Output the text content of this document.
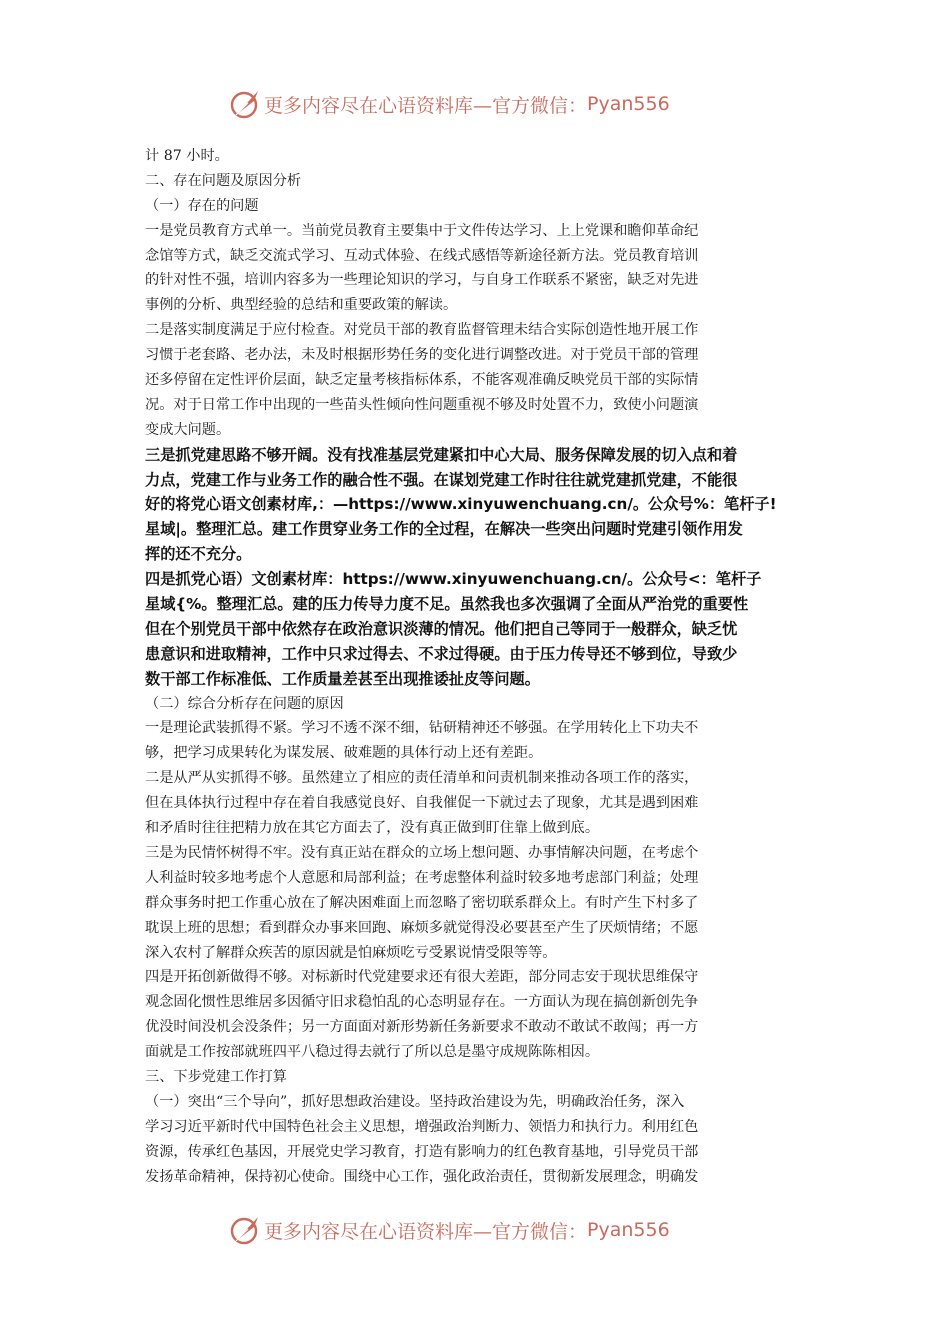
更多内容尽在心语资料库—官方微信： Pyan556
计 87 小时。
二、存在问题及原因分析
（一）存在的问题
一是党员教育方式单一。当前党员教育主要集中于文件传达学习、上上党课和瞻仰革命纪
念馆等方式，缺乏交流式学习、互动式体验、在线式感悟等新途径新方法。党员教育培训
的针对性不强，培训内容多为一些理论知识的学习，与自身工作联系不紧密，缺乏对先进
事例的分析、典型经验的总结和重要政策的解读。
二是落实制度满足于应付检查。对党员干部的教育监督管理未结合实际创造性地开展工作
习惯于老套路、老办法，未及时根据形势任务的变化进行调整改进。对于党员干部的管理
还多停留在定性评价层面，缺乏定量考核指标体系，不能客观准确反映党员干部的实际情
况。对于日常工作中出现的一些苗头性倾向性问题重视不够及时处置不力，致使小问题演
变成大问题。
三是抓党建思路不够开阔。没有找准基层党建紧扣中心大局、服务保障发展的切入点和着
力点，党建工作与业务工作的融合性不强。在谋划党建工作时往往就党建抓党建，不能很
好的将党心语文创素材库,：—https://www.xinyuwenchuang.cn/。公众号%：笔杆子!
星域|。整理汇总。建工作贯穿业务工作的全过程，在解决一些突出问题时党建引领作用发
挥的还不充分。
四是抓党心语）文创素材库：https://www.xinyuwenchuang.cn/。公众号<：笔杆子
星域{%。整理汇总。建的压力传导力度不足。虽然我也多次强调了全面从严治党的重要性
但在个别党员干部中依然存在政治意识淡薄的情况。他们把自己等同于一般群众，缺乏忧
患意识和进取精神，工作中只求过得去、不求过得硬。由于压力传导还不够到位，导致少
数干部工作标准低、工作质量差甚至出现推诿扯皮等问题。
（二）综合分析存在问题的原因
一是理论武装抓得不紧。学习不透不深不细，钻研精神还不够强。在学用转化上下功夫不
够，把学习成果转化为谋发展、破难题的具体行动上还有差距。
二是从严从实抓得不够。虽然建立了相应的责任清单和问责机制来推动各项工作的落实，
但在具体执行过程中存在着自我感觉良好、自我催促一下就过去了现象，尤其是遇到困难
和矛盾时往往把精力放在其它方面去了，没有真正做到盯住靠上做到底。
三是为民情怀树得不牢。没有真正站在群众的立场上想问题、办事情解决问题，在考虑个
人利益时较多地考虑个人意愿和局部利益；在考虑整体利益时较多地考虑部门利益；处理
群众事务时把工作重心放在了解决困难面上而忽略了密切联系群众上。有时产生下村多了
耽误上班的思想；看到群众办事来回跑、麻烦多就觉得没必要甚至产生了厌烦情绪；不愿
深入农村了解群众疾苦的原因就是怕麻烦吃亏受累说情受限等等。
四是开拓创新做得不够。对标新时代党建要求还有很大差距，部分同志安于现状思维保守
观念固化惯性思维居多因循守旧求稳怕乱的心态明显存在。一方面认为现在搞创新创先争
优没时间没机会没条件；另一方面面对新形势新任务新要求不敢动不敢试不敢闯；再一方
面就是工作按部就班四平八稳过得去就行了所以总是墨守成规陈陈相因。
三、下步党建工作打算
（一）突出“三个导向”，抓好思想政治建设。坚持政治建设为先，明确政治任务，深入
学习习近平新时代中国特色社会主义思想，增强政治判断力、领悟力和执行力。利用红色
资源，传承红色基因，开展党史学习教育，打造有影响力的红色教育基地，引导党员干部
发扬革命精神，保持初心使命。围绕中心工作，强化政治责任，贯彻新发展理念，明确发
更多内容尽在心语资料库—官方微信： Pyan556
